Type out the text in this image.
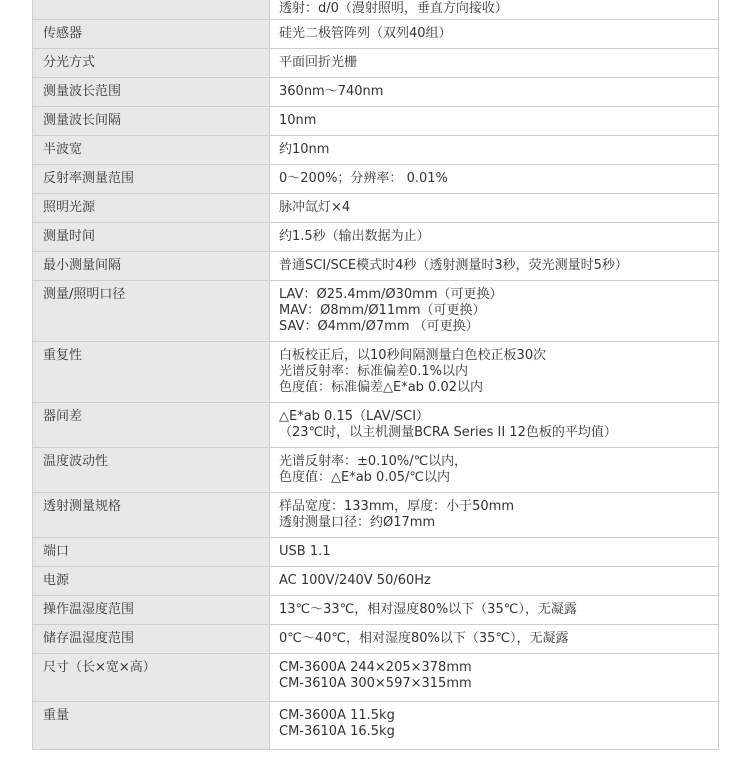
	透射：d/0（漫射照明，垂直方向接收）

传感器	硅光二极管阵列（双列40组）

分光方式	平面回折光栅

测量波长范围	360nm～740nm

测量波长间隔	10nm

半波宽	约10nm

反射率测量范围	0～200%；分辨率： 0.01%

照明光源	脉冲氙灯×4

测量时间	约1.5秒（输出数据为止）

最小测量间隔	普通SCI/SCE模式时4秒（透射测量时3秒，荧光测量时5秒）

测量/照明口径	LAV：Ø25.4mm/Ø30mm（可更换）
MAV：Ø8mm/Ø11mm（可更换）
SAV：Ø4mm/Ø7mm （可更换）

重复性	白板校正后，以10秒间隔测量白色校正板30次
光谱反射率：标准偏差0.1%以内
色度值：标准偏差△E*ab 0.02以内

器间差	△E*ab 0.15（LAV/SCI）
（23℃时，以主机测量BCRA Series II 12色板的平均值）

温度波动性	光谱反射率：±0.10%/℃以内，
色度值：△E*ab 0.05/℃以内

透射测量规格	样品宽度：133mm，厚度：小于50mm
透射测量口径：约Ø17mm

端口	USB 1.1

电源	AC 100V/240V 50/60Hz

操作温湿度范围	13℃～33℃，相对湿度80%以下（35℃），无凝露

储存温湿度范围	0℃～40℃，相对湿度80%以下（35℃），无凝露

尺寸（长×宽×高）	CM-3600A 244×205×378mm
CM-3610A 300×597×315mm

重量	CM-3600A 11.5kg
CM-3610A 16.5kg
